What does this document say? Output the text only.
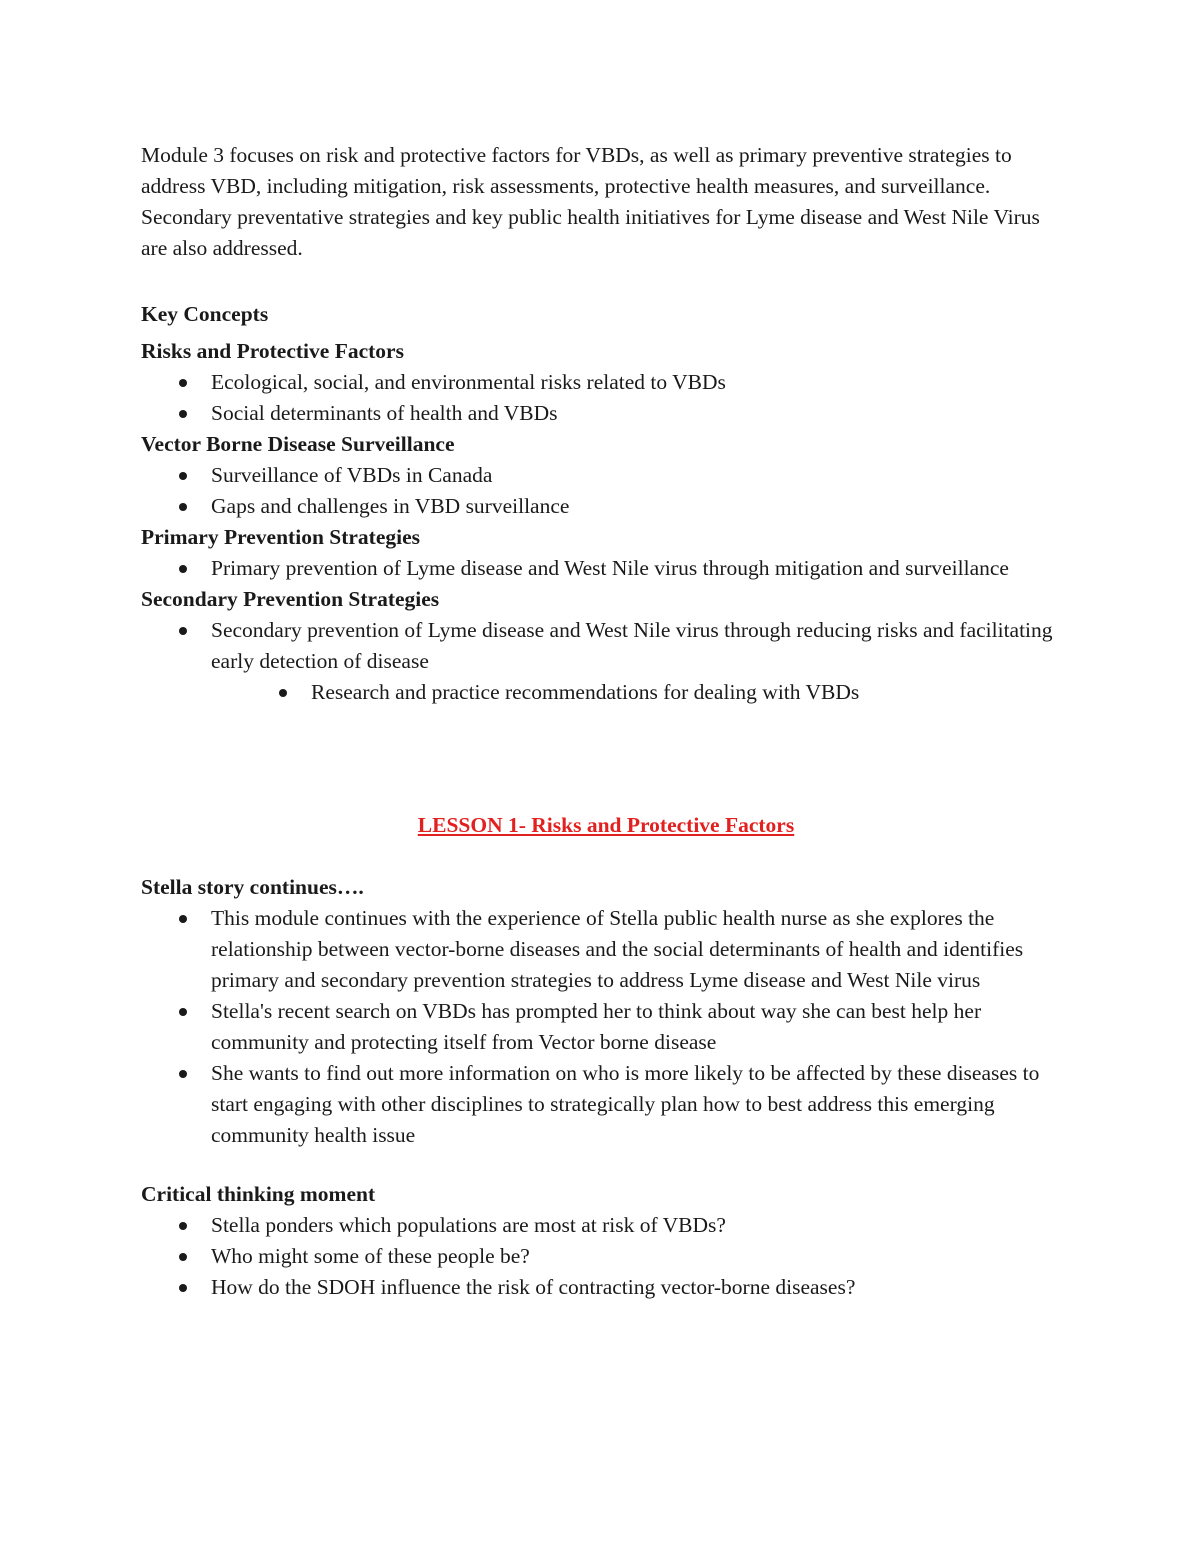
Module 3 focuses on risk and protective factors for VBDs, as well as primary preventive strategies to address VBD, including mitigation, risk assessments, protective health measures, and surveillance. Secondary preventative strategies and key public health initiatives for Lyme disease and West Nile Virus are also addressed.

Key Concepts

Risks and Protective Factors

Ecological, social, and environmental risks related to VBDs
Social determinants of health and VBDs

Vector Borne Disease Surveillance

Surveillance of VBDs in Canada
Gaps and challenges in VBD surveillance

Primary Prevention Strategies

Primary prevention of Lyme disease and West Nile virus through mitigation and surveillance

Secondary Prevention Strategies

Secondary prevention of Lyme disease and West Nile virus through reducing risks and facilitating early detection of disease
Research and practice recommendations for dealing with VBDs

LESSON 1- Risks and Protective Factors

Stella story continues….

This module continues with the experience of Stella public health nurse as she explores the relationship between vector-borne diseases and the social determinants of health and identifies primary and secondary prevention strategies to address Lyme disease and West Nile virus
Stella's recent search on VBDs has prompted her to think about way she can best help her community and protecting itself from Vector borne disease
She wants to find out more information on who is more likely to be affected by these diseases to start engaging with other disciplines to strategically plan how to best address this emerging community health issue

Critical thinking moment

Stella ponders which populations are most at risk of VBDs?
Who might some of these people be?
How do the SDOH influence the risk of contracting vector-borne diseases?
